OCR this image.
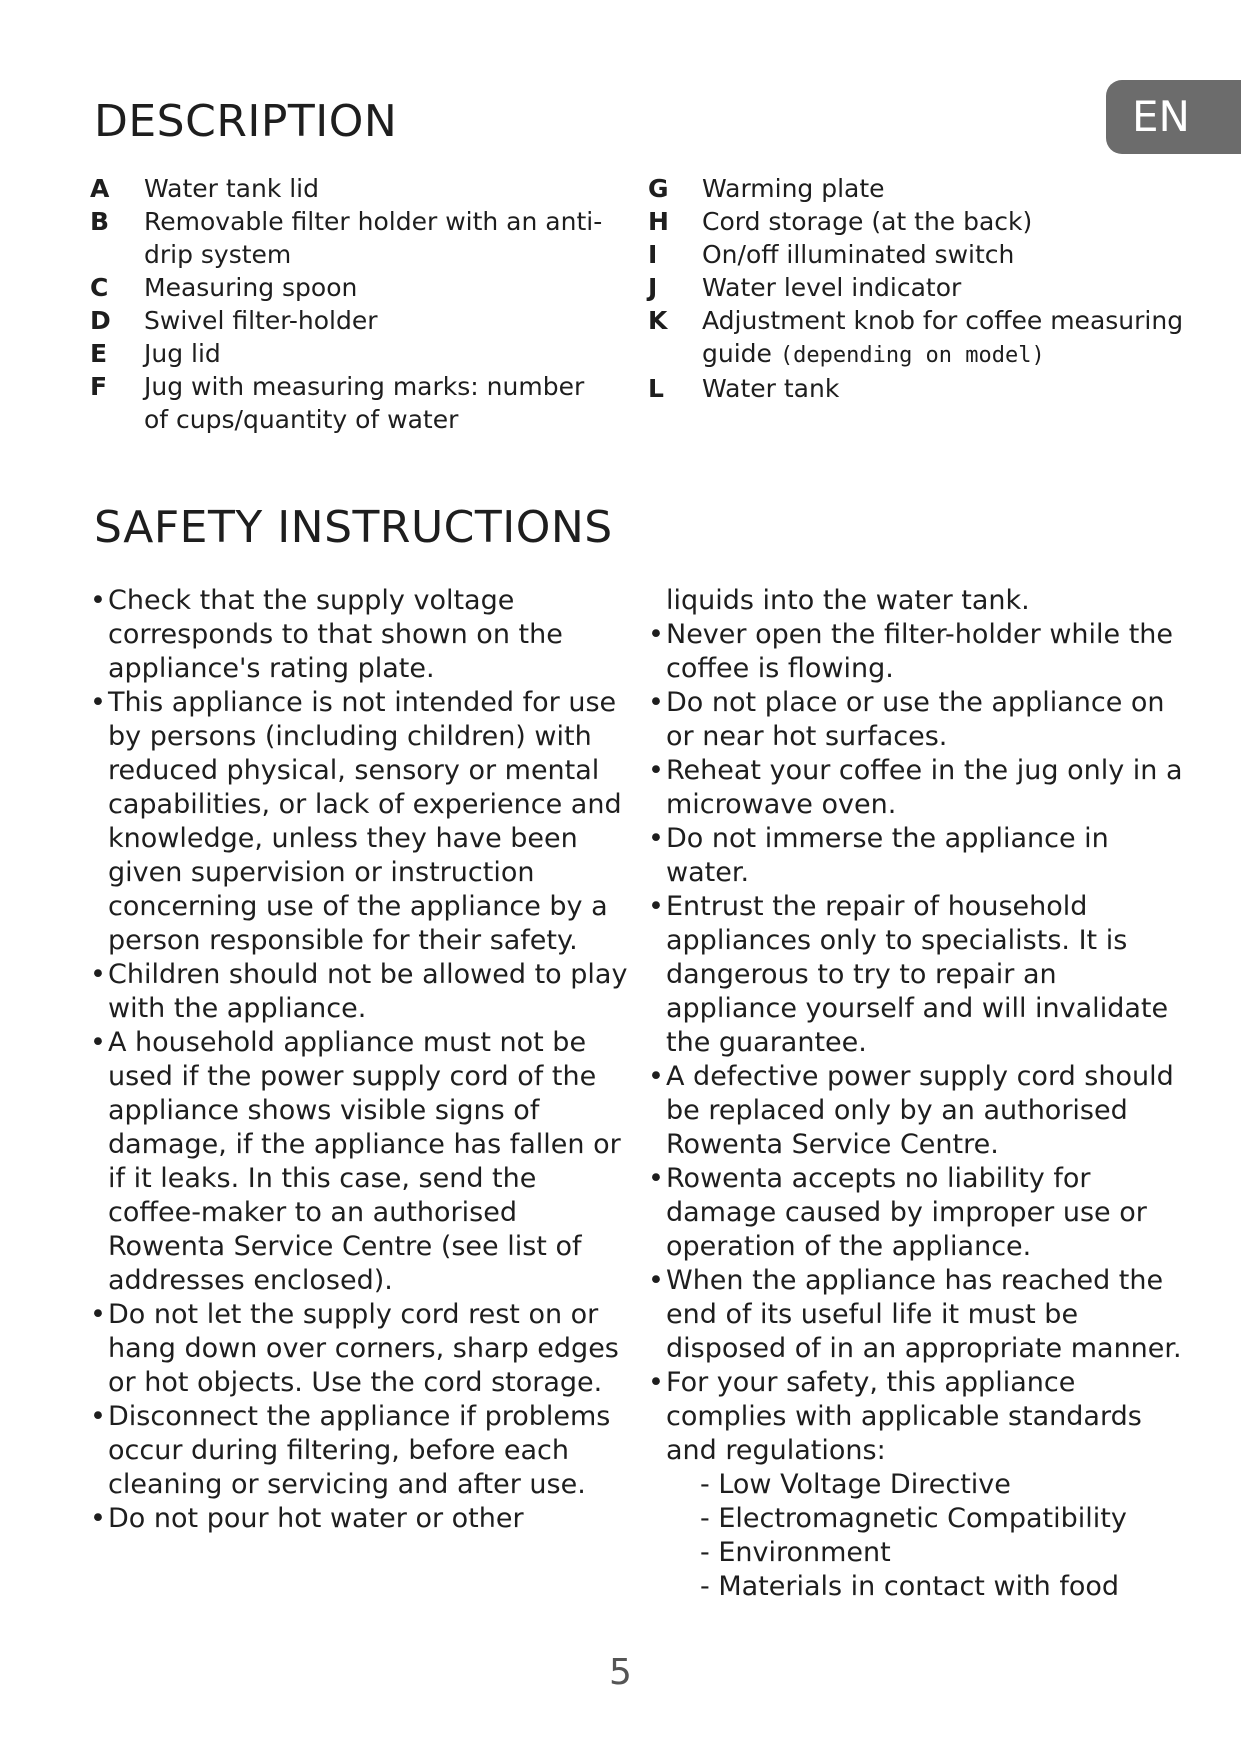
EN
DESCRIPTION
A	Water tank lid
B	Removable filter holder with an anti-drip system
C	Measuring spoon
D	Swivel filter-holder
E	Jug lid
F	Jug with measuring marks: number of cups/quantity of water
G	Warming plate
H	Cord storage (at the back)
I	On/off illuminated switch
J	Water level indicator
K	Adjustment knob for coffee measuring guide (depending on model)
L	Water tank
SAFETY INSTRUCTIONS
• Check that the supply voltage corresponds to that shown on the appliance's rating plate.
• This appliance is not intended for use by persons (including children) with reduced physical, sensory or mental capabilities, or lack of experience and knowledge, unless they have been given supervision or instruction concerning use of the appliance by a person responsible for their safety.
• Children should not be allowed to play with the appliance.
• A household appliance must not be used if the power supply cord of the appliance shows visible signs of damage, if the appliance has fallen or if it leaks. In this case, send the coffee-maker to an authorised Rowenta Service Centre (see list of addresses enclosed).
• Do not let the supply cord rest on or hang down over corners, sharp edges or hot objects. Use the cord storage.
• Disconnect the appliance if problems occur during filtering, before each cleaning or servicing and after use.
• Do not pour hot water or other

liquids into the water tank.

• Never open the filter-holder while the coffee is flowing.
• Do not place or use the appliance on or near hot surfaces.
• Reheat your coffee in the jug only in a microwave oven.
• Do not immerse the appliance in water.
• Entrust the repair of household appliances only to specialists. It is dangerous to try to repair an appliance yourself and will invalidate the guarantee.
• A defective power supply cord should be replaced only by an authorised Rowenta Service Centre.
• Rowenta accepts no liability for damage caused by improper use or operation of the appliance.
• When the appliance has reached the end of its useful life it must be disposed of in an appropriate manner.
• For your safety, this appliance complies with applicable standards and regulations:

- Low Voltage Directive

- Electromagnetic Compatibility

- Environment

- Materials in contact with food

5
